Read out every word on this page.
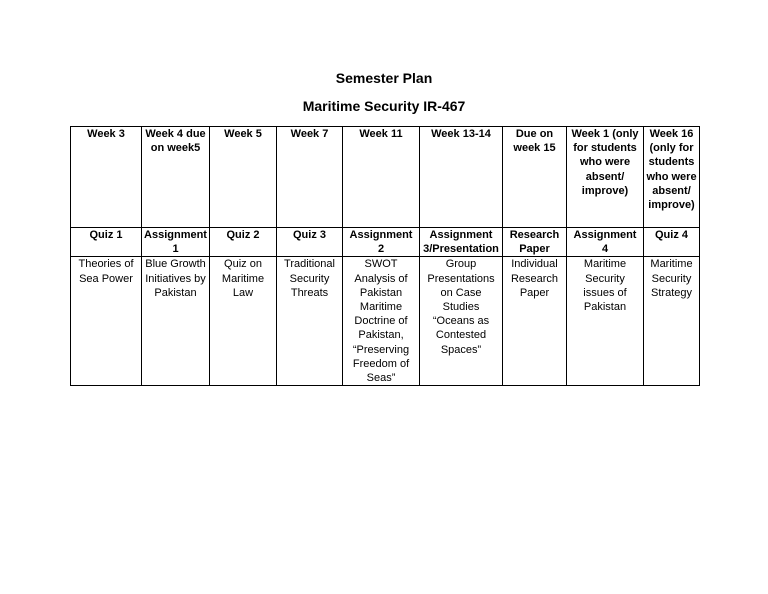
Semester Plan
Maritime Security IR-467
Week 3	Week 4 due on week5	Week 5	Week 7	Week 11	Week 13-14	Due on week 15	Week 1 (only for students who were absent/ improve)	Week 16 (only for students who were absent/ improve)
Quiz 1	Assignment 1	Quiz 2	Quiz 3	Assignment 2	Assignment 3/Presentation	Research Paper	Assignment 4	Quiz 4
Theories of Sea Power	Blue Growth Initiatives by Pakistan	Quiz on Maritime Law	Traditional Security Threats	SWOT Analysis of Pakistan Maritime Doctrine of Pakistan, “Preserving Freedom of Seas”	Group Presentations on Case Studies “Oceans as Contested Spaces”	Individual Research Paper	Maritime Security issues of Pakistan	Maritime Security Strategy
